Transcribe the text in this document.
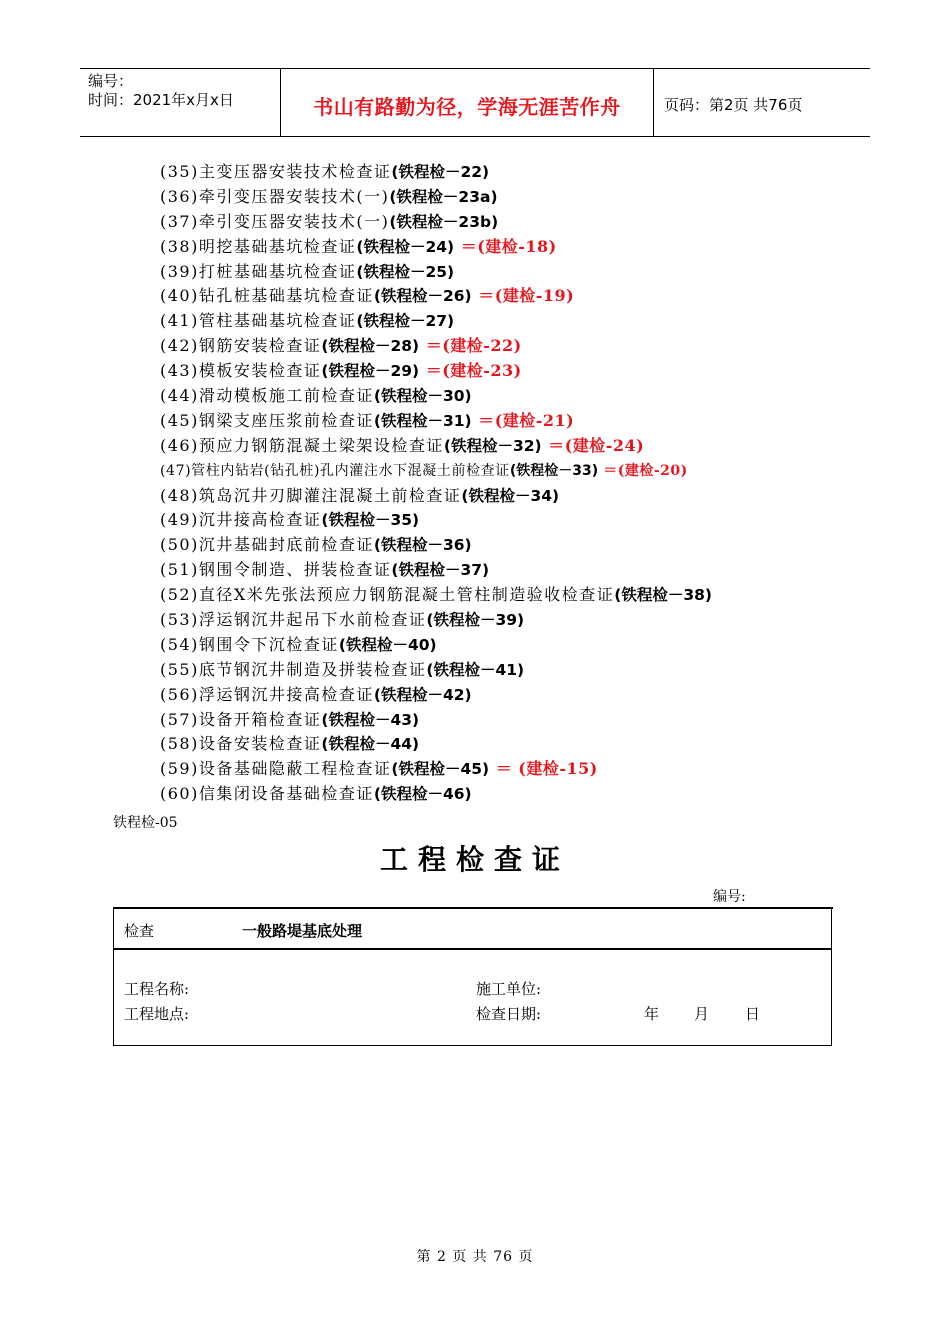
编号：
时间：2021年x月x日	书山有路勤为径，学海无涯苦作舟	页码：第2页 共76页
(35)主变压器安装技术检查证(铁程检－22)
(36)牵引变压器安装技术(一)(铁程检－23a)
(37)牵引变压器安装技术(一)(铁程检－23b)
(38)明挖基础基坑检查证(铁程检－24) ＝(建检-18)
(39)打桩基础基坑检查证(铁程检－25)
(40)钻孔桩基础基坑检查证(铁程检－26) ＝(建检-19)
(41)管柱基础基坑检查证(铁程检－27)
(42)钢筋安装检查证(铁程检－28) ＝(建检-22)
(43)模板安装检查证(铁程检－29) ＝(建检-23)
(44)滑动模板施工前检查证(铁程检－30)
(45)钢梁支座压浆前检查证(铁程检－31) ＝(建检-21)
(46)预应力钢筋混凝土梁架设检查证(铁程检－32) ＝(建检-24)
(47)管柱内钻岩(钻孔桩)孔内灌注水下混凝土前检查证(铁程检－33) ＝(建检-20)
(48)筑岛沉井刃脚灌注混凝土前检查证(铁程检－34)
(49)沉井接高检查证(铁程检－35)
(50)沉井基础封底前检查证(铁程检－36)
(51)钢围令制造、拼装检查证(铁程检－37)
(52)直径X米先张法预应力钢筋混凝土管柱制造验收检查证(铁程检－38)
(53)浮运钢沉井起吊下水前检查证(铁程检－39)
(54)钢围令下沉检查证(铁程检－40)
(55)底节钢沉井制造及拼装检查证(铁程检－41)
(56)浮运钢沉井接高检查证(铁程检－42)
(57)设备开箱检查证(铁程检－43)
(58)设备安装检查证(铁程检－44)
(59)设备基础隐蔽工程检查证(铁程检－45) ＝ (建检-15)
(60)信集闭设备基础检查证(铁程检－46)
铁程检-05
工程检查证
编号:
检查	一般路堤基底处理
工程名称:	施工单位:
工程地点:	检查日期:	年 月 日
第 2 页 共 76 页
